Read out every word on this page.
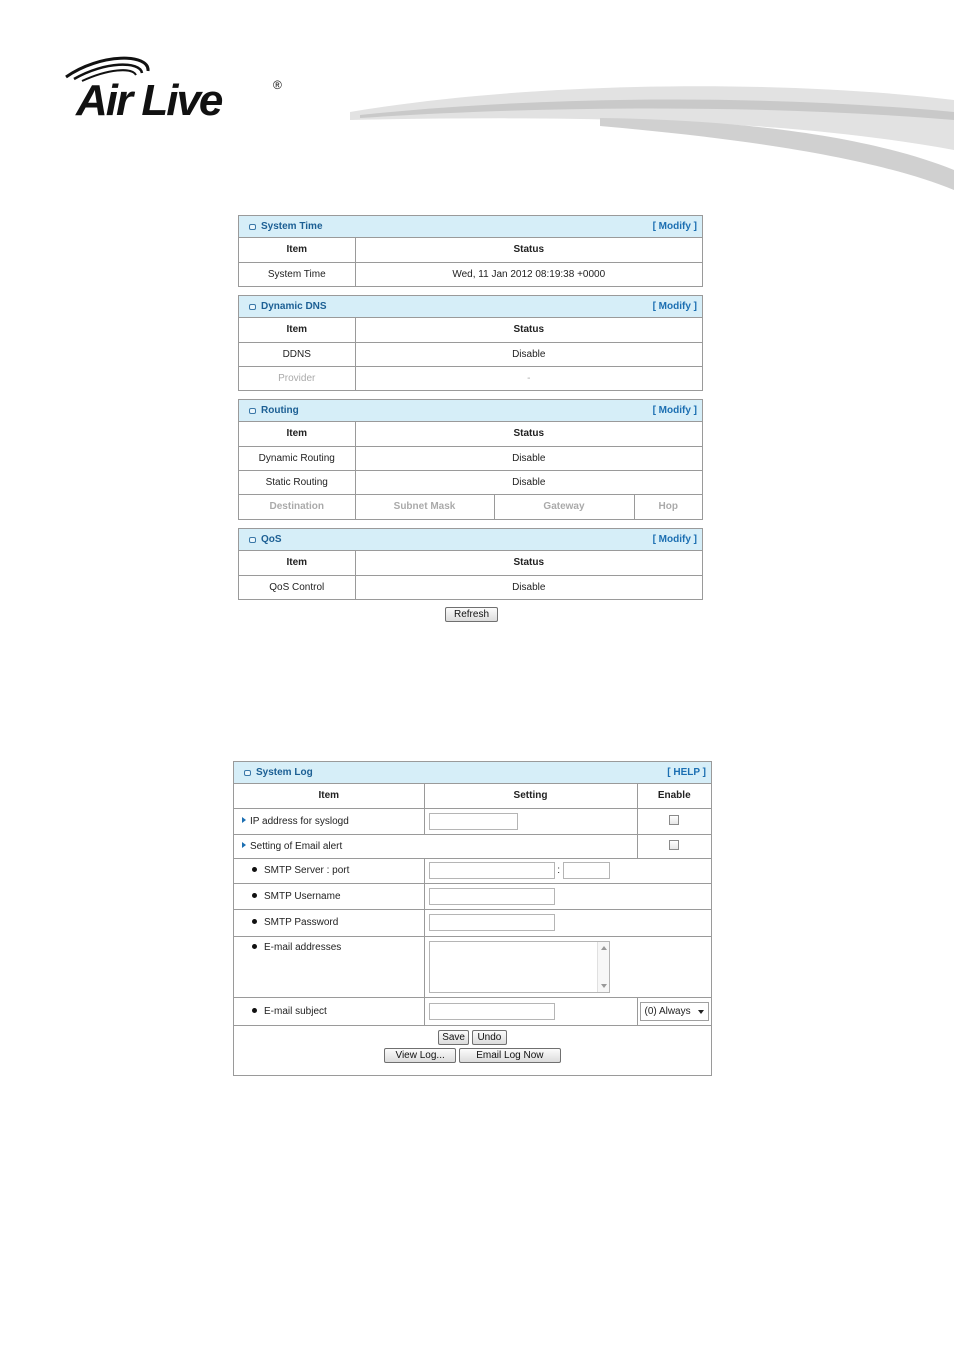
Air Live	®
System Time	[ Modify ]
Item	Status
System Time	Wed, 11 Jan 2012 08:19:38 +0000
Dynamic DNS	[ Modify ]
Item	Status
DDNS	Disable
Provider	-
Routing	[ Modify ]
Item	Status
Dynamic Routing	Disable
Static Routing	Disable
Destination	Subnet Mask	Gateway	Hop
QoS	[ Modify ]
Item	Status
QoS Control	Disable
Refresh
System Log	[ HELP ]
Item	Setting	Enable
IP address for syslogd		
Setting of Email alert		
SMTP Server : port	:	
SMTP Username		
SMTP Password		
E-mail addresses		

E-mail subject		(0) Always

Save Undo
View Log... Email Log Now		
